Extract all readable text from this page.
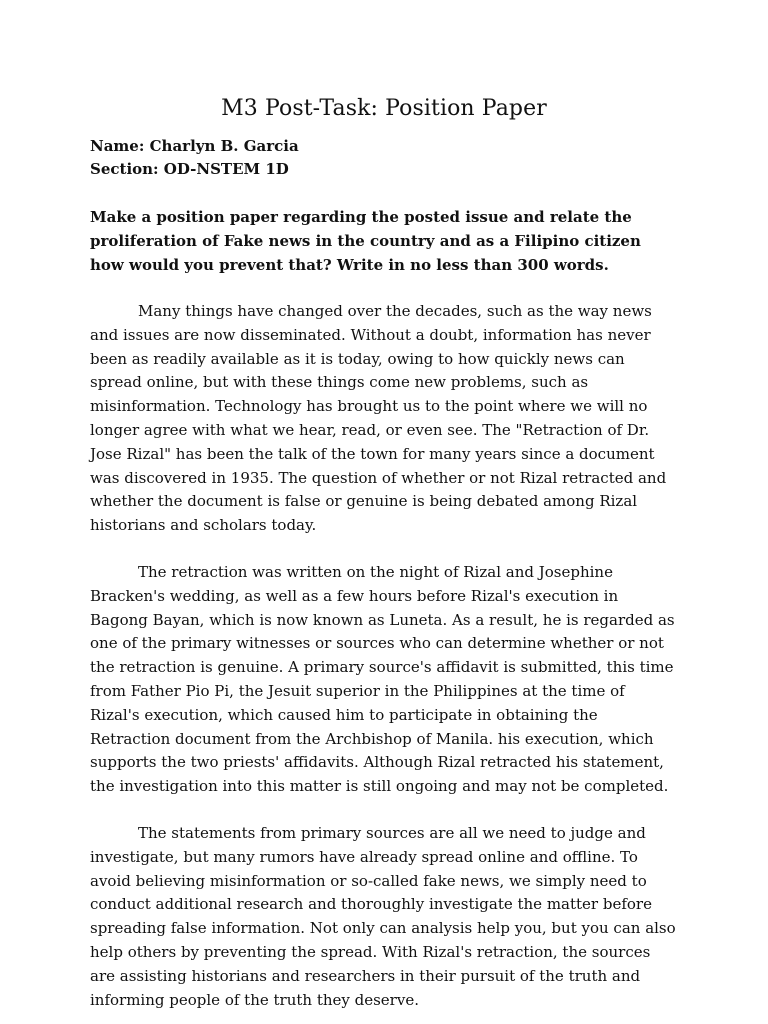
M3 Post-Task: Position Paper

Name: Charlyn B. Garcia

Section: OD-NSTEM 1D

Make a position paper regarding the posted issue and relate the proliferation of Fake news in the country and as a Filipino citizen how would you prevent that? Write in no less than 300 words.

Many things have changed over the decades, such as the way news and issues are now disseminated. Without a doubt, information has never been as readily available as it is today, owing to how quickly news can spread online, but with these things come new problems, such as misinformation. Technology has brought us to the point where we will no longer agree with what we hear, read, or even see. The "Retraction of Dr. Jose Rizal" has been the talk of the town for many years since a document was discovered in 1935. The question of whether or not Rizal retracted and whether the document is false or genuine is being debated among Rizal historians and scholars today.

The retraction was written on the night of Rizal and Josephine Bracken's wedding, as well as a few hours before Rizal's execution in Bagong Bayan, which is now known as Luneta. As a result, he is regarded as one of the primary witnesses or sources who can determine whether or not the retraction is genuine. A primary source's affidavit is submitted, this time from Father Pio Pi, the Jesuit superior in the Philippines at the time of Rizal's execution, which caused him to participate in obtaining the Retraction document from the Archbishop of Manila. his execution, which supports the two priests' affidavits. Although Rizal retracted his statement, the investigation into this matter is still ongoing and may not be completed.

The statements from primary sources are all we need to judge and investigate, but many rumors have already spread online and offline. To avoid believing misinformation or so-called fake news, we simply need to conduct additional research and thoroughly investigate the matter before spreading false information. Not only can analysis help you, but you can also help others by preventing the spread. With Rizal's retraction, the sources are assisting historians and researchers in their pursuit of the truth and informing people of the truth they deserve.
